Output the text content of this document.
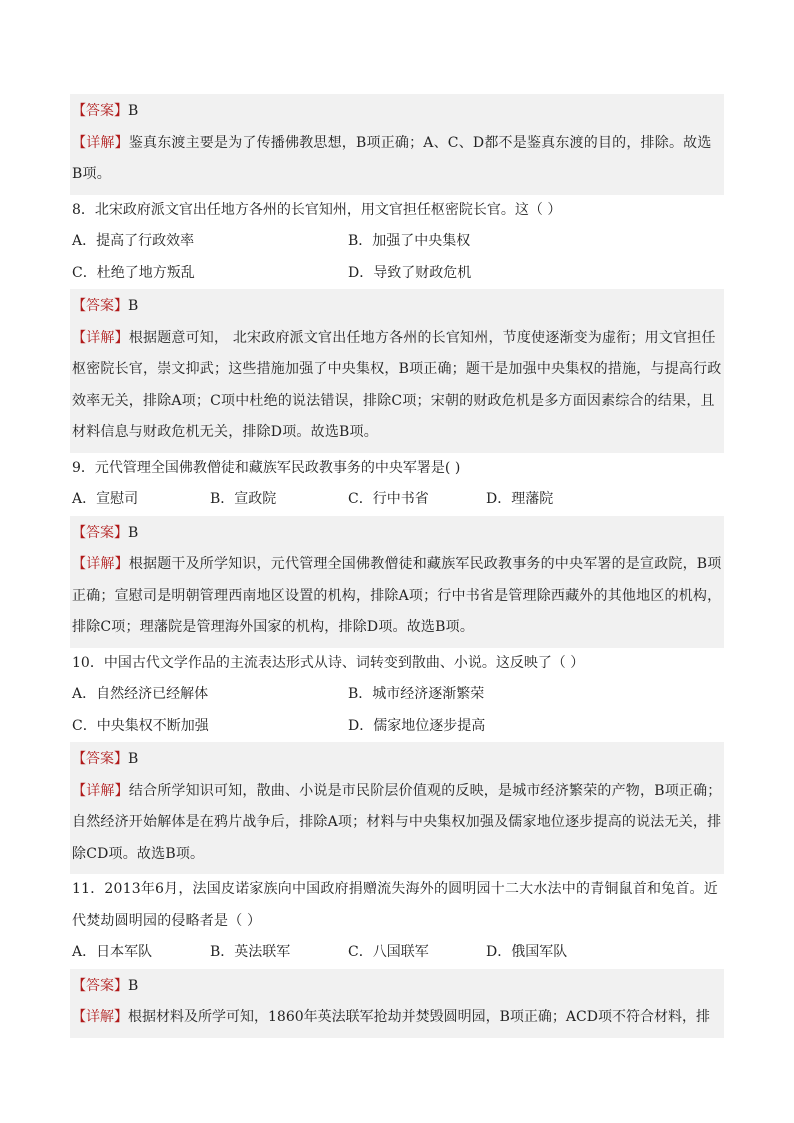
【答案】B
【详解】鉴真东渡主要是为了传播佛教思想，B项正确；A、C、D都不是鉴真东渡的目的，排除。故选B项。
8．北宋政府派文官出任地方各州的长官知州，用文官担任枢密院长官。这（ ）
A．提高了行政效率	B．加强了中央集权
C．杜绝了地方叛乱	D．导致了财政危机
【答案】B
【详解】根据题意可知， 北宋政府派文官出任地方各州的长官知州，节度使逐渐变为虚衔；用文官担任枢密院长官，崇文抑武；这些措施加强了中央集权，B项正确；题干是加强中央集权的措施，与提高行政效率无关，排除A项；C项中杜绝的说法错误，排除C项；宋朝的财政危机是多方面因素综合的结果，且材料信息与财政危机无关，排除D项。故选B项。
9．元代管理全国佛教僧徒和藏族军民政教事务的中央军署是( )
A．宣慰司	B．宣政院	C．行中书省	D．理藩院
【答案】B
【详解】根据题干及所学知识，元代管理全国佛教僧徒和藏族军民政教事务的中央军署的是宣政院，B项正确；宣慰司是明朝管理西南地区设置的机构，排除A项；行中书省是管理除西藏外的其他地区的机构，排除C项；理藩院是管理海外国家的机构，排除D项。故选B项。
10．中国古代文学作品的主流表达形式从诗、词转变到散曲、小说。这反映了（ ）
A．自然经济已经解体	B．城市经济逐渐繁荣
C．中央集权不断加强	D．儒家地位逐步提高
【答案】B
【详解】结合所学知识可知，散曲、小说是市民阶层价值观的反映，是城市经济繁荣的产物，B项正确；自然经济开始解体是在鸦片战争后，排除A项；材料与中央集权加强及儒家地位逐步提高的说法无关，排除CD项。故选B项。
11．2013年6月，法国皮诺家族向中国政府捐赠流失海外的圆明园十二大水法中的青铜鼠首和兔首。近代焚劫圆明园的侵略者是（ ）
A．日本军队	B．英法联军	C．八国联军	D．俄国军队
【答案】B
【详解】根据材料及所学可知，1860年英法联军抢劫并焚毁圆明园，B项正确；ACD项不符合材料，排
